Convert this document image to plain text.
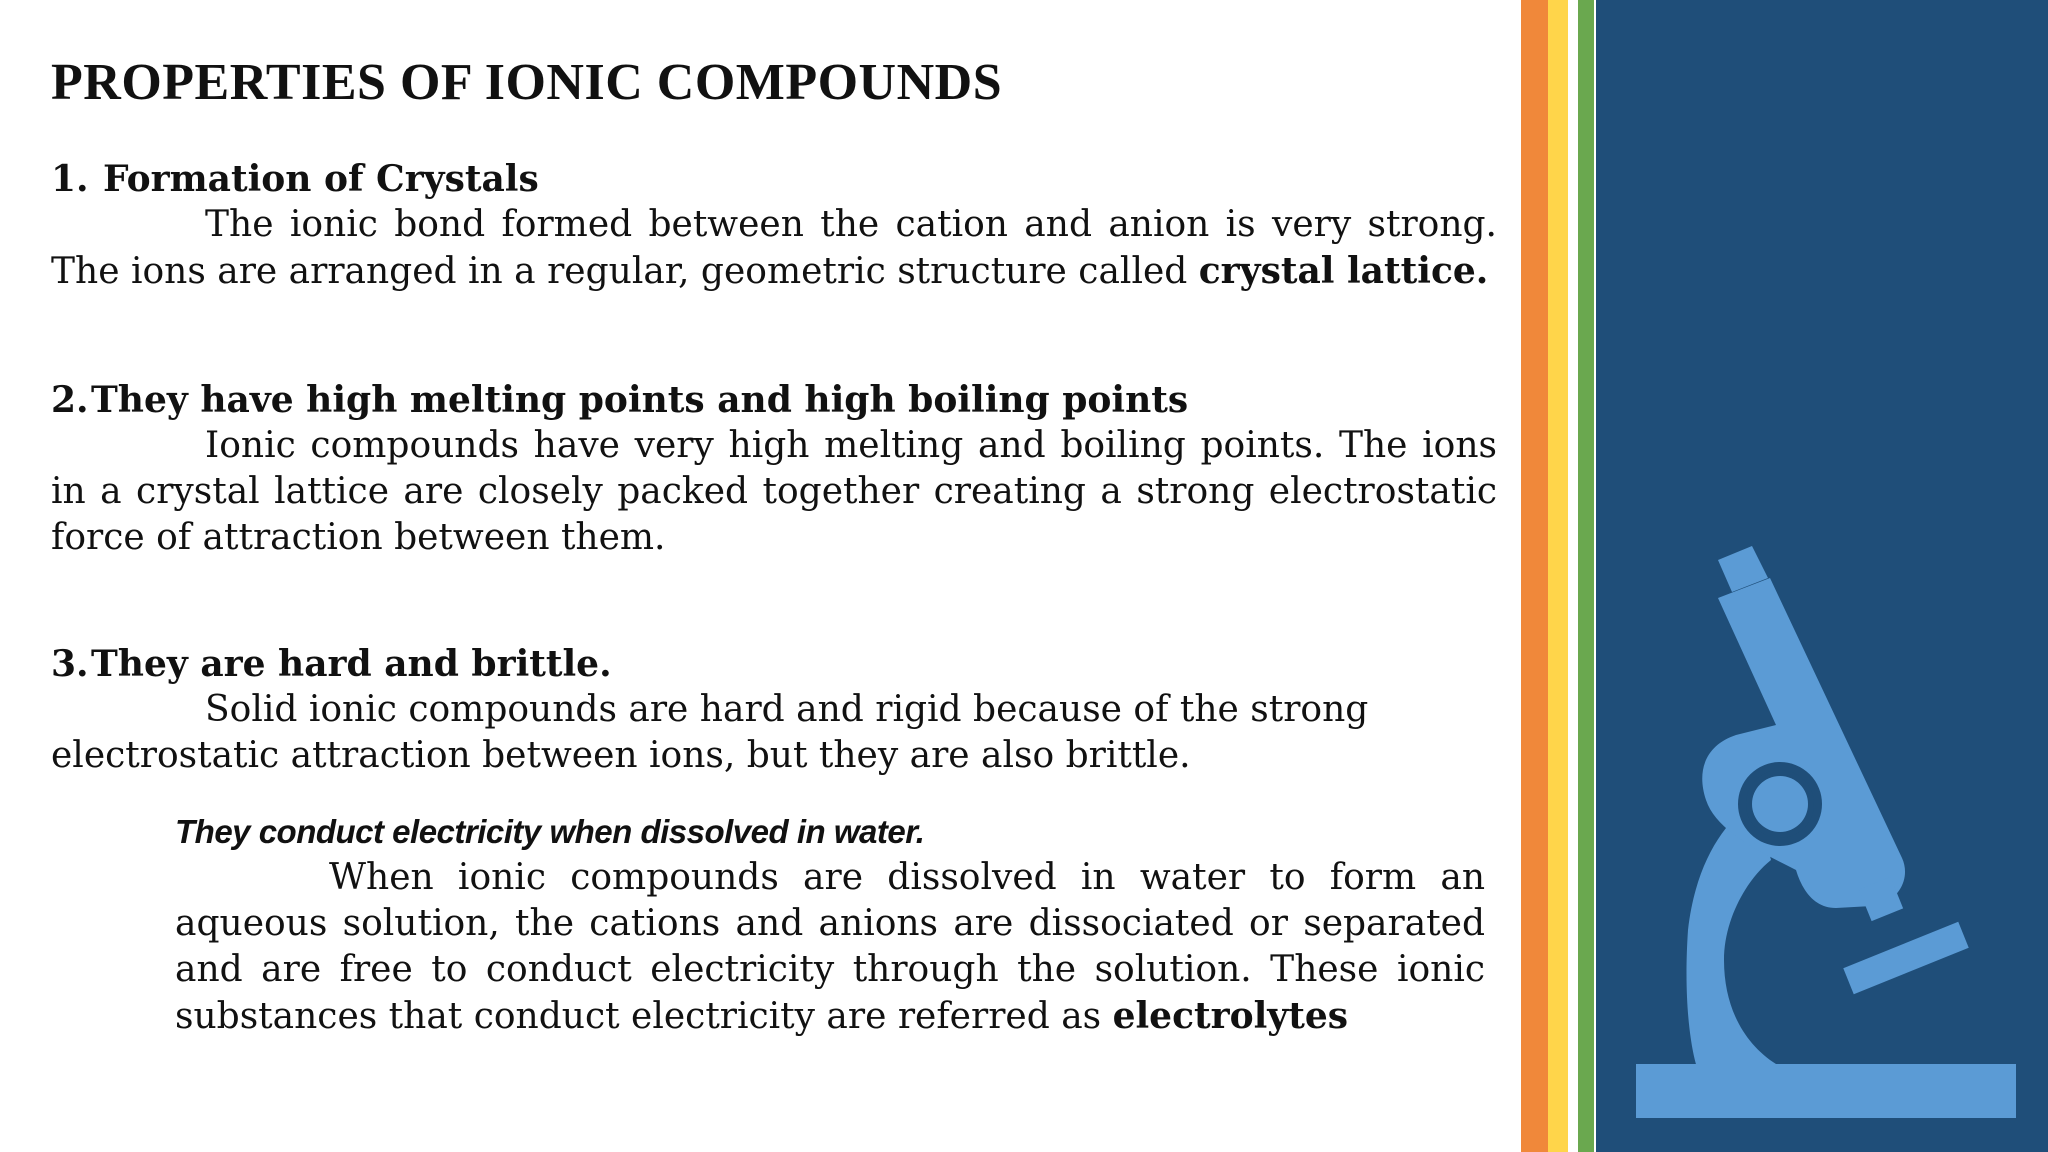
PROPERTIES OF IONIC COMPOUNDS

1. Formation of Crystals

The ionic bond formed between the cation and anion is very strong. The ions are arranged in a regular, geometric structure called crystal lattice.

2.They have high melting points and high boiling points

Ionic compounds have very high melting and boiling points. The ions in a crystal lattice are closely packed together creating a strong electrostatic force of attraction between them.

3.They are hard and brittle.

Solid ionic compounds are hard and rigid because of the strong electrostatic attraction between ions, but they are also brittle.

They conduct electricity when dissolved in water.

When ionic compounds are dissolved in water to form an aqueous solution, the cations and anions are dissociated or separated and are free to conduct electricity through the solution. These ionic substances that conduct electricity are referred as electrolytes
